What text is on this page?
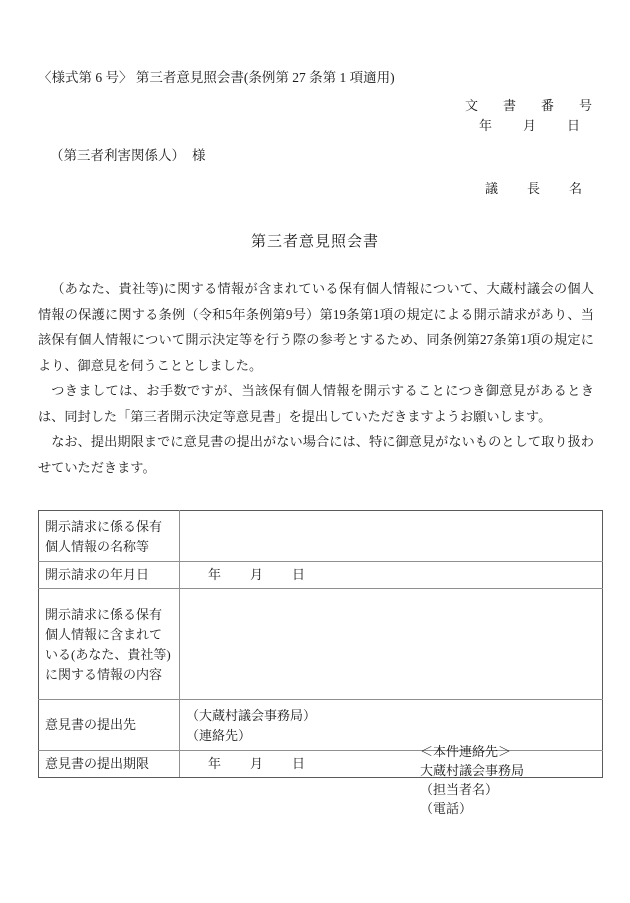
〈様式第 6 号〉 第三者意見照会書(条例第 27 条第 1 項適用)
文　書　番　号
年　月　日
（第三者利害関係人） 様
議　長　名
第三者意見照会書

（あなた、貴社等)に関する情報が含まれている保有個人情報について、大蔵村議会の個人情報の保護に関する条例（令和5年条例第9号）第19条第1項の規定による開示請求があり、当該保有個人情報について開示決定等を行う際の参考とするため、同条例第27条第1項の規定により、御意見を伺うこととしました。

つきましては、お手数ですが、当該保有個人情報を開示することにつき御意見があるときは、同封した「第三者開示決定等意見書」を提出していただきますようお願いします。

なお、提出期限までに意見書の提出がない場合には、特に御意見がないものとして取り扱わせていただきます。

開示請求に係る保有
個人情報の名称等	

開示請求の年月日	年　月　日

開示請求に係る保有
個人情報に含まれて
いる(あなた、貴社等)
に関する情報の内容	

意見書の提出先	（大蔵村議会事務局）
（連絡先）

意見書の提出期限	年　月　日
＜本件連絡先＞
大蔵村議会事務局
（担当者名）
（電話）
